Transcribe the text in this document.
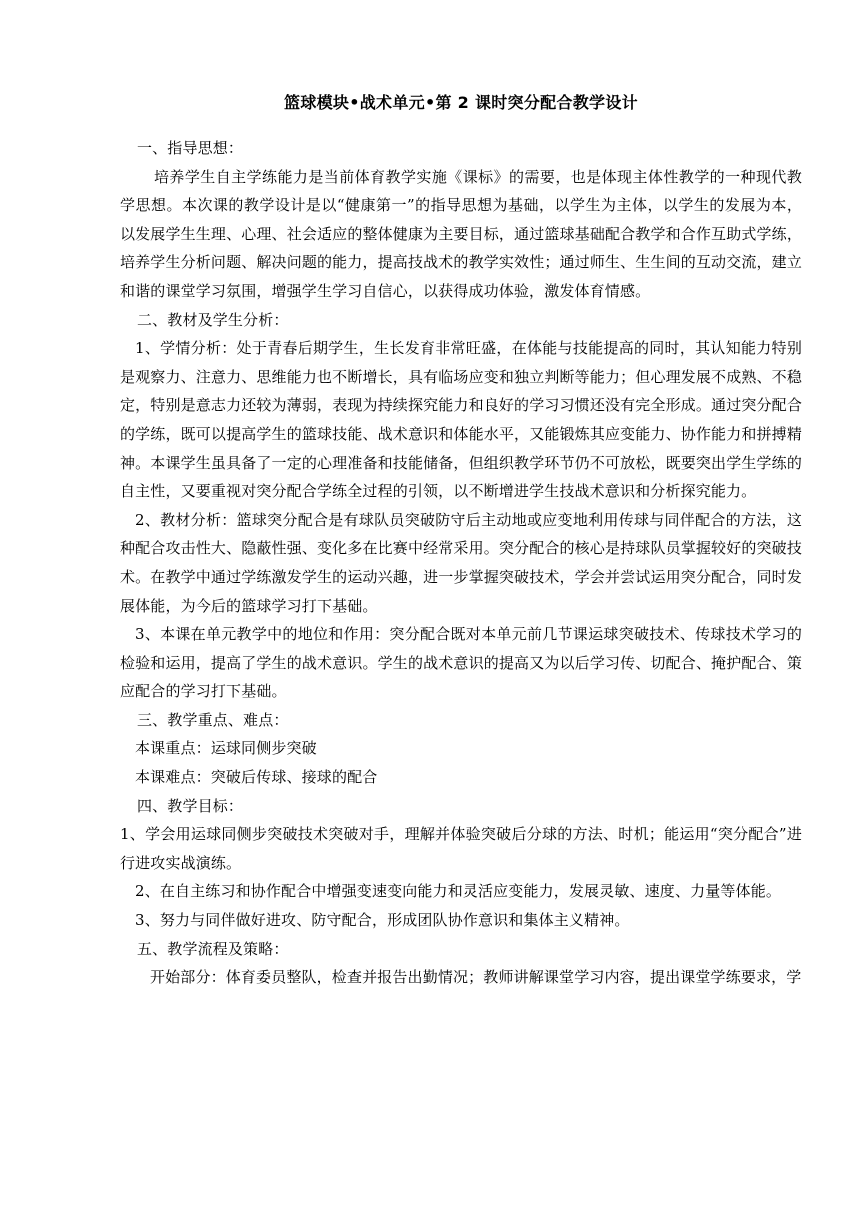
篮球模块•战术单元•第 2 课时突分配合教学设计

一、指导思想：

培养学生自主学练能力是当前体育教学实施《课标》的需要，也是体现主体性教学的一种现代教学思想。本次课的教学设计是以“健康第一”的指导思想为基础，以学生为主体，以学生的发展为本，以发展学生生理、心理、社会适应的整体健康为主要目标，通过篮球基础配合教学和合作互助式学练，培养学生分析问题、解决问题的能力，提高技战术的教学实效性；通过师生、生生间的互动交流，建立和谐的课堂学习氛围，增强学生学习自信心，以获得成功体验，激发体育情感。

二、教材及学生分析：

1、学情分析：处于青春后期学生，生长发育非常旺盛，在体能与技能提高的同时，其认知能力特别是观察力、注意力、思维能力也不断增长，具有临场应变和独立判断等能力；但心理发展不成熟、不稳定，特别是意志力还较为薄弱，表现为持续探究能力和良好的学习习惯还没有完全形成。通过突分配合的学练，既可以提高学生的篮球技能、战术意识和体能水平，又能锻炼其应变能力、协作能力和拼搏精神。本课学生虽具备了一定的心理准备和技能储备，但组织教学环节仍不可放松，既要突出学生学练的自主性，又要重视对突分配合学练全过程的引领，以不断增进学生技战术意识和分析探究能力。

2、教材分析：篮球突分配合是有球队员突破防守后主动地或应变地利用传球与同伴配合的方法，这种配合攻击性大、隐蔽性强、变化多在比赛中经常采用。突分配合的核心是持球队员掌握较好的突破技术。在教学中通过学练激发学生的运动兴趣，进一步掌握突破技术，学会并尝试运用突分配合，同时发展体能，为今后的篮球学习打下基础。

3、本课在单元教学中的地位和作用：突分配合既对本单元前几节课运球突破技术、传球技术学习的检验和运用，提高了学生的战术意识。学生的战术意识的提高又为以后学习传、切配合、掩护配合、策应配合的学习打下基础。

三、教学重点、难点：

本课重点：运球同侧步突破

本课难点：突破后传球、接球的配合

四、教学目标：

1、学会用运球同侧步突破技术突破对手，理解并体验突破后分球的方法、时机；能运用“突分配合”进行进攻实战演练。

2、在自主练习和协作配合中增强变速变向能力和灵活应变能力，发展灵敏、速度、力量等体能。

3、努力与同伴做好进攻、防守配合，形成团队协作意识和集体主义精神。

五、教学流程及策略：

开始部分：体育委员整队，检查并报告出勤情况；教师讲解课堂学习内容，提出课堂学练要求，学
